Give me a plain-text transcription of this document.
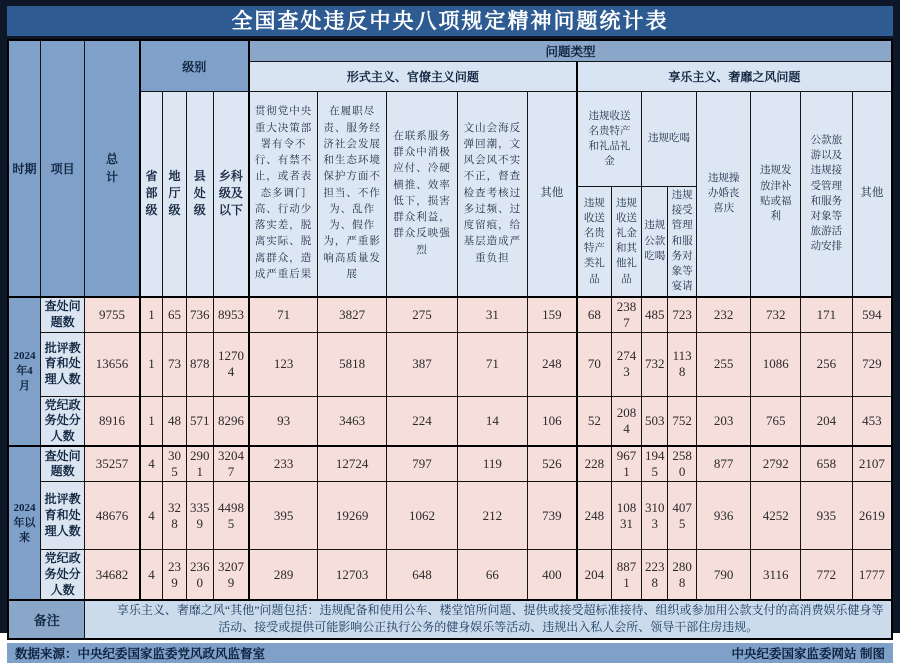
全国查处违反中央八项规定精神问题统计表
时期	项目	总计	级别				问题类型												
							形式主义、官僚主义问题					享乐主义、奢靡之风问题							
			省部级	地厅级	县处级	乡科级及以下	贯彻党中央重大决策部署有令不行、有禁不止，或者表态多调门高、行动少落实差，脱离实际、脱离群众，造成严重后果	在履职尽责、服务经济社会发展和生态环境保护方面不担当、不作为、乱作为、假作为，严重影响高质量发展	在联系服务群众中消极应付、冷硬横推、效率低下，损害群众利益，群众反映强烈	文山会海反弹回潮，文风会风不实不正，督查检查考核过多过频、过度留痕，给基层造成严重负担	其他	违规收送名贵特产和礼品礼金		违规吃喝		违规操办婚丧喜庆	违规发放津补贴或福利	公款旅游以及违规接受管理和服务对象等旅游活动安排	其他
												违规收送名贵特产类礼品	违规收送礼金和其他礼品	违规公款吃喝	违规接受管理和服务对象等宴请				
2024年4月	查处问题数	9755	1	65	736	8953	71	3827	275	31	159	68	2387	485	723	232	732	171	594
	批评教育和处理人数	13656	1	73	878	12704	123	5818	387	71	248	70	2743	732	1138	255	1086	256	729
	党纪政务处分人数	8916	1	48	571	8296	93	3463	224	14	106	52	2084	503	752	203	765	204	453
2024年以来	查处问题数	35257	4	305	2901	32047	233	12724	797	119	526	228	9671	1945	2580	877	2792	658	2107
	批评教育和处理人数	48676	4	328	3359	44985	395	19269	1062	212	739	248	10831	3103	4075	936	4252	935	2619
	党纪政务处分人数	34682	4	239	2360	32079	289	12703	648	66	400	204	8871	2238	2808	790	3116	772	1777
备注		享乐主义、奢靡之风“其他”问题包括：违规配备和使用公车、楼堂馆所问题、提供或接受超标准接待、组织或参加用公款支付的高消费娱乐健身等活动、接受或提供可能影响公正执行公务的健身娱乐等活动、违规出入私人会所、领导干部住房违规。																	
数据来源：中央纪委国家监委党风政风监督室	中央纪委国家监委网站 制图
